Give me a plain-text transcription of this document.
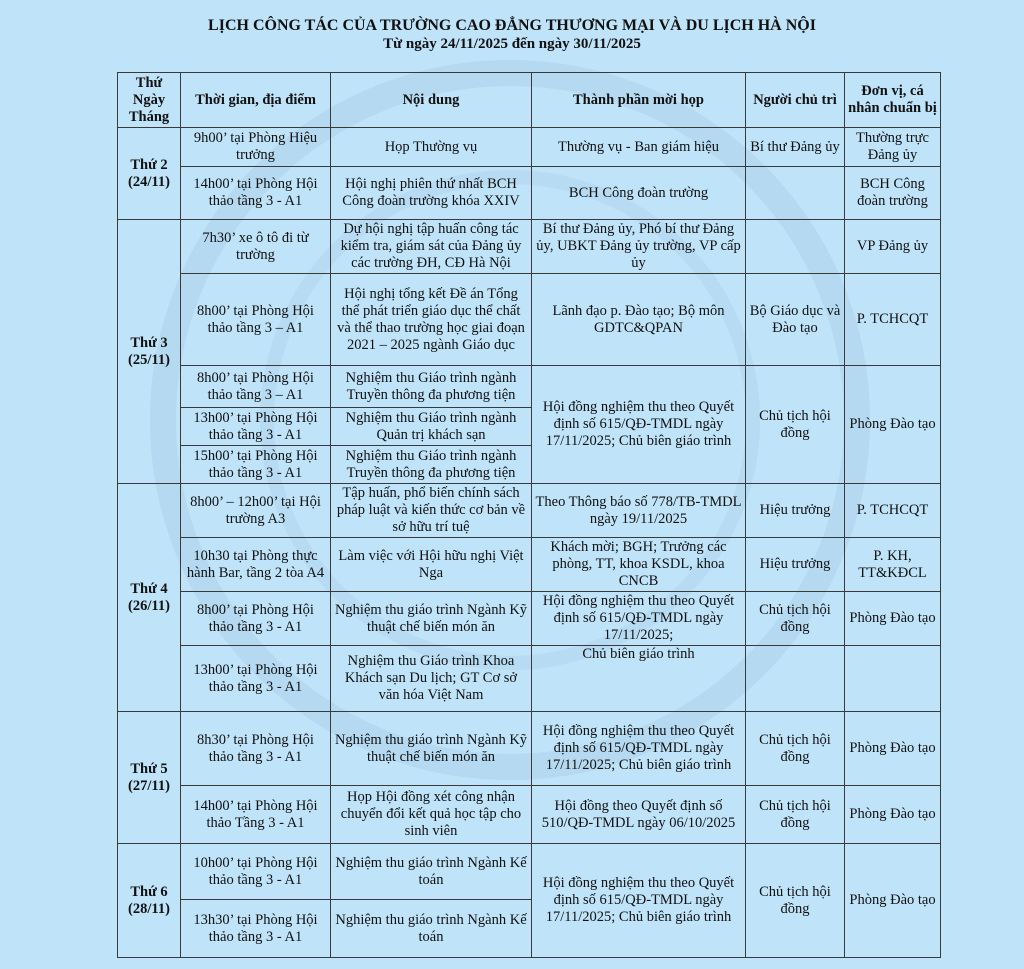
LỊCH CÔNG TÁC CỦA TRƯỜNG CAO ĐẲNG THƯƠNG MẠI VÀ DU LỊCH HÀ NỘI
Từ ngày 24/11/2025 đến ngày 30/11/2025
Thứ Ngày Tháng	Thời gian, địa điểm	Nội dung	Thành phần mời họp	Người chủ trì	Đơn vị, cá nhân chuẩn bị

Thứ 2
(24/11)	9h00’ tại Phòng Hiệu trưởng	Họp Thường vụ	Thường vụ - Ban giám hiệu	Bí thư Đảng ủy	Thường trực Đảng ủy
	14h00’ tại Phòng Hội thảo tầng 3 - A1	Hội nghị phiên thứ nhất BCH Công đoàn trường khóa XXIV	BCH Công đoàn trường		BCH Công đoàn trường

Thứ 3
(25/11)	7h30’ xe ô tô đi từ trường	Dự hội nghị tập huấn công tác kiểm tra, giám sát của Đảng ủy các trường ĐH, CĐ Hà Nội	Bí thư Đảng ủy, Phó bí thư Đảng ủy, UBKT Đảng ủy trường, VP cấp ủy		VP Đảng ủy
	8h00’ tại Phòng Hội thảo tầng 3 – A1	Hội nghị tổng kết Đề án Tổng thể phát triển giáo dục thể chất và thể thao trường học giai đoạn 2021 – 2025 ngành Giáo dục	Lãnh đạo p. Đào tạo; Bộ môn GDTC&QPAN	Bộ Giáo dục và Đào tạo	P. TCHCQT
	8h00’ tại Phòng Hội thảo tầng 3 – A1	Nghiệm thu Giáo trình ngành Truyền thông đa phương tiện	Hội đồng nghiệm thu theo Quyết định số 615/QĐ-TMDL ngày 17/11/2025; Chủ biên giáo trình	Chủ tịch hội đồng	Phòng Đào tạo
	13h00’ tại Phòng Hội thảo tầng 3 - A1	Nghiệm thu Giáo trình ngành Quản trị khách sạn			
	15h00’ tại Phòng Hội thảo tầng 3 - A1	Nghiệm thu Giáo trình ngành Truyền thông đa phương tiện			

Thứ 4
(26/11)	8h00’ – 12h00’ tại Hội trường A3	Tập huấn, phổ biến chính sách pháp luật và kiến thức cơ bản về sở hữu trí tuệ	Theo Thông báo số 778/TB-TMDL ngày 19/11/2025	Hiệu trưởng	P. TCHCQT
	10h30 tại Phòng thực hành Bar, tầng 2 tòa A4	Làm việc với Hội hữu nghị Việt Nga	Khách mời; BGH; Trưởng các phòng, TT, khoa KSDL, khoa CNCB	Hiệu trưởng	P. KH, TT&KĐCL
	8h00’ tại Phòng Hội thảo tầng 3 - A1	Nghiệm thu giáo trình Ngành Kỹ thuật chế biến món ăn	Hội đồng nghiệm thu theo Quyết định số 615/QĐ-TMDL ngày 17/11/2025;	Chủ tịch hội đồng	Phòng Đào tạo
	13h00’ tại Phòng Hội thảo tầng 3 - A1	Nghiệm thu Giáo trình Khoa Khách sạn Du lịch; GT Cơ sở văn hóa Việt Nam	Chủ biên giáo trình		

Thứ 5
(27/11)	8h30’ tại Phòng Hội thảo tầng 3 - A1	Nghiệm thu giáo trình Ngành Kỹ thuật chế biến món ăn	Hội đồng nghiệm thu theo Quyết định số 615/QĐ-TMDL ngày 17/11/2025; Chủ biên giáo trình	Chủ tịch hội đồng	Phòng Đào tạo
	14h00’ tại Phòng Hội thảo Tầng 3 - A1	Họp Hội đồng xét công nhận chuyển đổi kết quả học tập cho sinh viên	Hội đồng theo Quyết định số 510/QĐ-TMDL ngày 06/10/2025	Chủ tịch hội đồng	Phòng Đào tạo

Thứ 6
(28/11)	10h00’ tại Phòng Hội thảo tầng 3 - A1	Nghiệm thu giáo trình Ngành Kế toán	Hội đồng nghiệm thu theo Quyết định số 615/QĐ-TMDL ngày 17/11/2025; Chủ biên giáo trình	Chủ tịch hội đồng	Phòng Đào tạo
	13h30’ tại Phòng Hội thảo tầng 3 - A1	Nghiệm thu giáo trình Ngành Kế toán			
